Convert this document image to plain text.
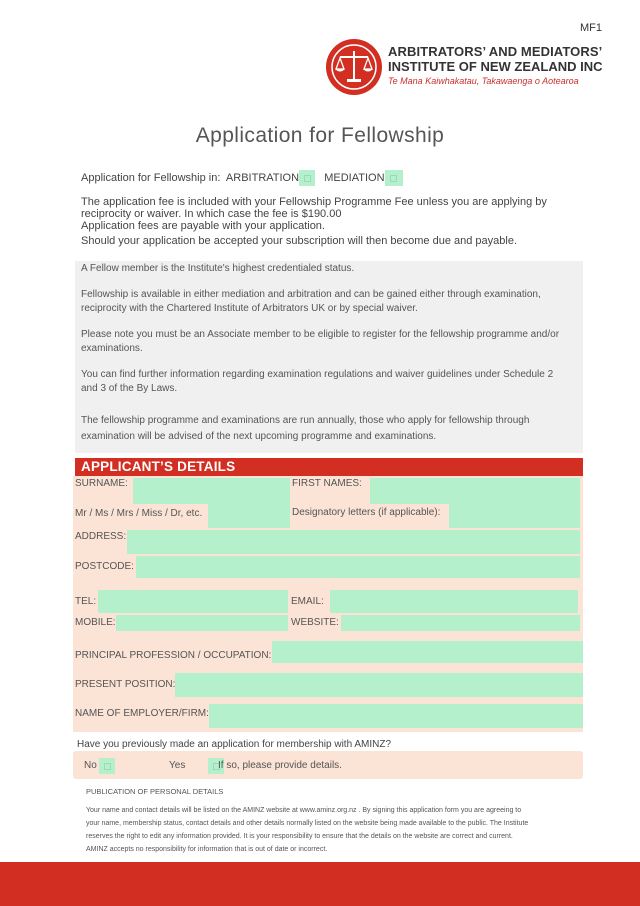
MF1
ARBITRATORS’ AND MEDIATORS’
INSTITUTE OF NEW ZEALAND INC
Te Mana Kaiwhakatau, Takawaenga o Aotearoa
Application for Fellowship
Application for Fellowship in: ARBITRATION MEDIATION
The application fee is included with your Fellowship Programme Fee unless you are applying by
reciprocity or waiver. In which case the fee is $190.00
Application fees are payable with your application.
Should your application be accepted your subscription will then become due and payable.

A Fellow member is the Institute's highest credentialed status.

Fellowship is available in either mediation and arbitration and can be gained either through examination,

reciprocity with the Chartered Institute of Arbitrators UK or by special waiver.

Please note you must be an Associate member to be eligible to register for the fellowship programme and/or

examinations.

You can find further information regarding examination regulations and waiver guidelines under Schedule 2

and 3 of the By Laws.

The fellowship programme and examinations are run annually, those who apply for fellowship through

examination will be advised of the next upcoming programme and examinations.

APPLICANT’S DETAILS
SURNAME:	FIRST NAMES:
Mr / Ms / Mrs / Miss / Dr, etc.	Designatory letters (if applicable):
ADDRESS:
POSTCODE:
TEL:	EMAIL:
MOBILE:	WEBSITE:
PRINCIPAL PROFESSION / OCCUPATION:
PRESENT POSITION:
NAME OF EMPLOYER/FIRM:
Have you previously made an application for membership with AMINZ?
No
	Yes	If so, please provide details.
PUBLICATION OF PERSONAL DETAILS
Your name and contact details will be listed on the AMINZ website at www.aminz.org.nz . By signing this application form you are agreeing to
your name, membership status, contact details and other details normally listed on the website being made available to the public. The Institute
reserves the right to edit any information provided. It is your responsibility to ensure that the details on the website are correct and current.
AMINZ accepts no responsibility for information that is out of date or incorrect.
